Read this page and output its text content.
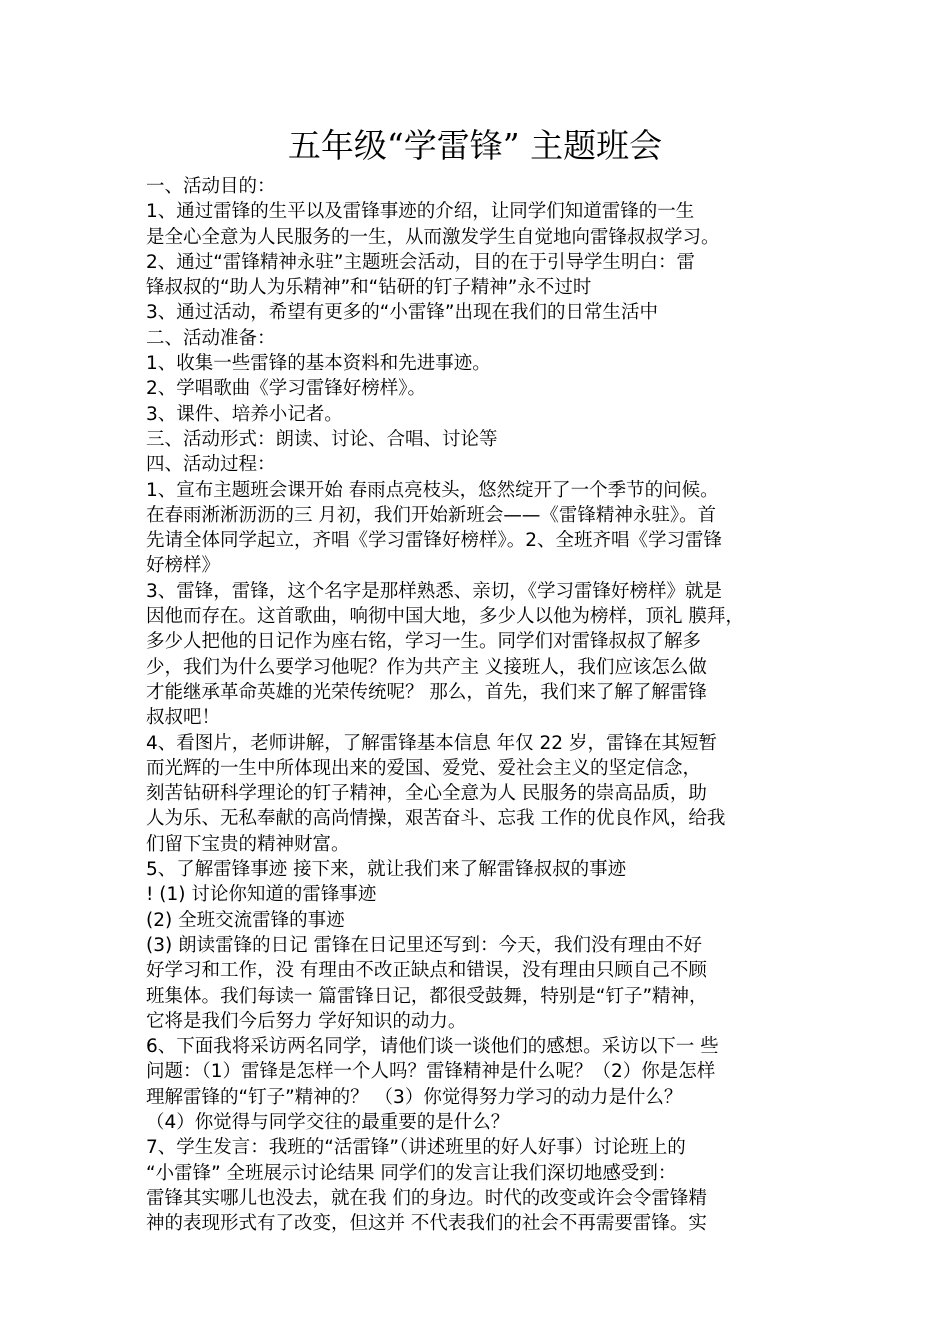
五年级“学雷锋” 主题班会
一、活动目的：
1、通过雷锋的生平以及雷锋事迹的介绍，让同学们知道雷锋的一生
是全心全意为人民服务的一生，从而激发学生自觉地向雷锋叔叔学习。
2、通过“雷锋精神永驻”主题班会活动，目的在于引导学生明白：雷
锋叔叔的“助人为乐精神”和“钻研的钉子精神”永不过时
3、通过活动，希望有更多的“小雷锋”出现在我们的日常生活中
二、活动准备：
1、收集一些雷锋的基本资料和先进事迹。
2、学唱歌曲《学习雷锋好榜样》。
3、课件、培养小记者。
三、活动形式：朗读、讨论、合唱、讨论等
四、活动过程：
1、宣布主题班会课开始 春雨点亮枝头，悠然绽开了一个季节的问候。
在春雨淅淅沥沥的三 月初，我们开始新班会——《雷锋精神永驻》。首
先请全体同学起立，齐唱《学习雷锋好榜样》。2、全班齐唱《学习雷锋
好榜样》
3、雷锋，雷锋，这个名字是那样熟悉、亲切，《学习雷锋好榜样》就是
因他而存在。这首歌曲，响彻中国大地，多少人以他为榜样，顶礼 膜拜，
多少人把他的日记作为座右铭，学习一生。同学们对雷锋叔叔了解多
少，我们为什么要学习他呢？作为共产主 义接班人，我们应该怎么做
才能继承革命英雄的光荣传统呢？ 那么，首先，我们来了解了解雷锋
叔叔吧！
4、看图片，老师讲解，了解雷锋基本信息 年仅 22 岁，雷锋在其短暂
而光辉的一生中所体现出来的爱国、爱党、爱社会主义的坚定信念，
刻苦钻研科学理论的钉子精神，全心全意为人 民服务的崇高品质，助
人为乐、无私奉献的高尚情操，艰苦奋斗、忘我 工作的优良作风，给我
们留下宝贵的精神财富。
5、了解雷锋事迹 接下来，就让我们来了解雷锋叔叔的事迹
! (1) 讨论你知道的雷锋事迹
(2) 全班交流雷锋的事迹
(3) 朗读雷锋的日记 雷锋在日记里还写到：今天，我们没有理由不好
好学习和工作，没 有理由不改正缺点和错误，没有理由只顾自己不顾
班集体。我们每读一 篇雷锋日记，都很受鼓舞，特别是“钉子”精神，
它将是我们今后努力 学好知识的动力。
6、下面我将采访两名同学，请他们谈一谈他们的感想。采访以下一 些
问题：（1）雷锋是怎样一个人吗？雷锋精神是什么呢？（2）你是怎样
理解雷锋的“钉子”精神的？ （3）你觉得努力学习的动力是什么？
（4）你觉得与同学交往的最重要的是什么？
7、学生发言：我班的“活雷锋”（讲述班里的好人好事）讨论班上的
“小雷锋” 全班展示讨论结果 同学们的发言让我们深切地感受到：
雷锋其实哪儿也没去，就在我 们的身边。时代的改变或许会令雷锋精
神的表现形式有了改变，但这并 不代表我们的社会不再需要雷锋。实
